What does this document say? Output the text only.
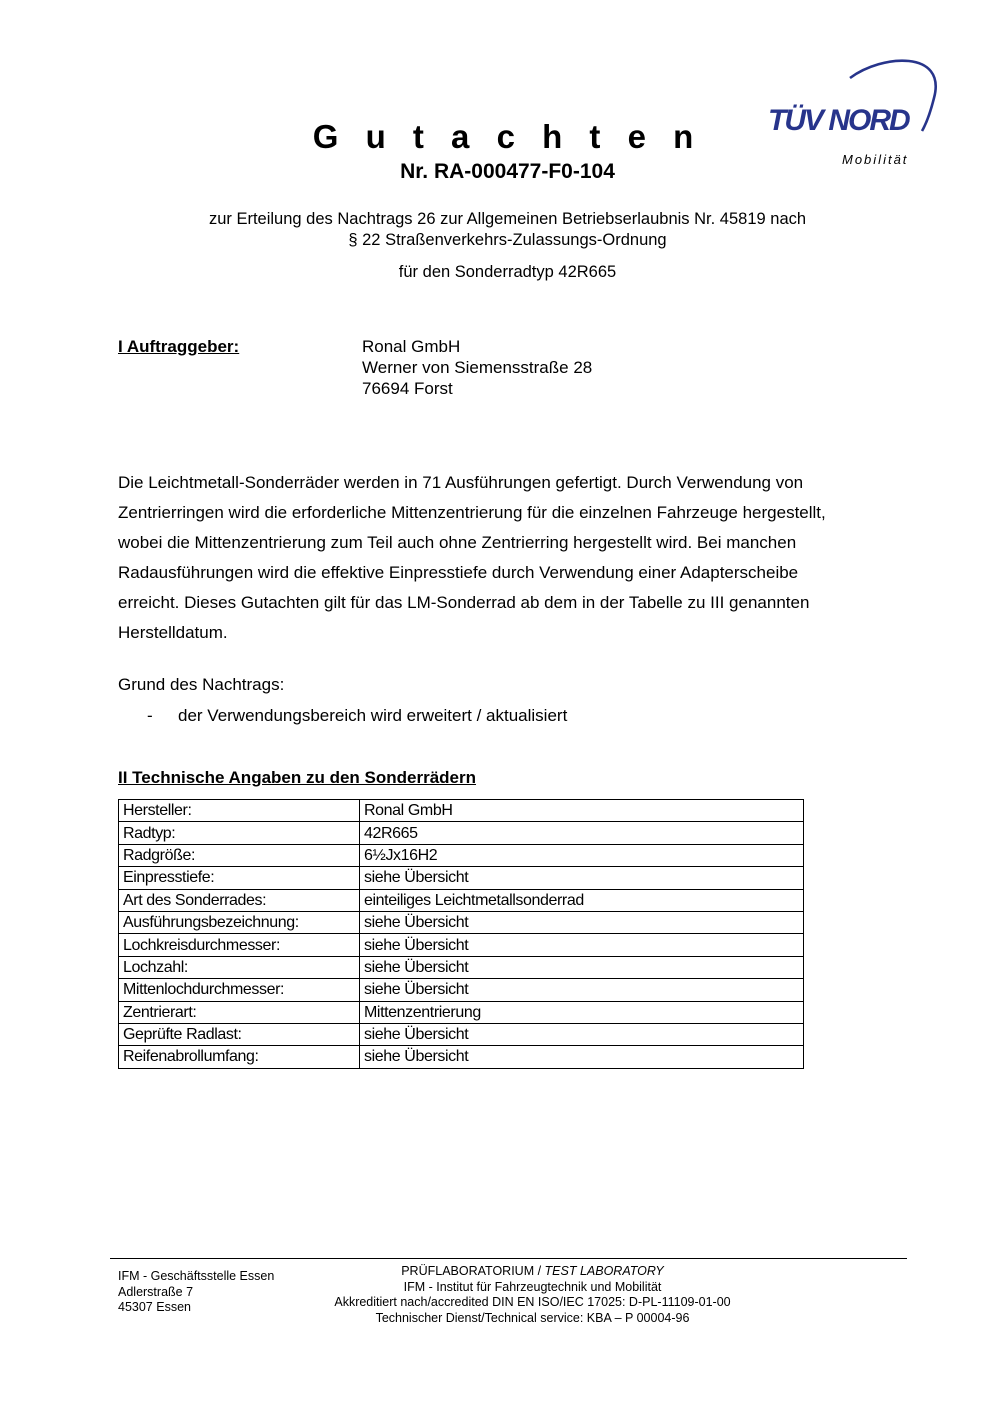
TÜV NORD
Mobilität
G u t a c h t e n
Nr. RA-000477-F0-104
zur Erteilung des Nachtrags 26 zur Allgemeinen Betriebserlaubnis Nr. 45819 nach
§ 22 Straßenverkehrs-Zulassungs-Ordnung
für den Sonderradtyp 42R665
I Auftraggeber:	Ronal GmbH
Werner von Siemensstraße 28
76694 Forst
Die Leichtmetall-Sonderräder werden in 71 Ausführungen gefertigt. Durch Verwendung von
Zentrierringen wird die erforderliche Mittenzentrierung für die einzelnen Fahrzeuge hergestellt,
wobei die Mittenzentrierung zum Teil auch ohne Zentrierring hergestellt wird. Bei manchen
Radausführungen wird die effektive Einpresstiefe durch Verwendung einer Adapterscheibe
erreicht. Dieses Gutachten gilt für das LM-Sonderrad ab dem in der Tabelle zu III genannten
Herstelldatum.
Grund des Nachtrags:
- der Verwendungsbereich wird erweitert / aktualisiert
II Technische Angaben zu den Sonderrädern
Hersteller:	Ronal GmbH
Radtyp:	42R665
Radgröße:	6½Jx16H2
Einpresstiefe:	siehe Übersicht
Art des Sonderrades:	einteiliges Leichtmetallsonderrad
Ausführungsbezeichnung:	siehe Übersicht
Lochkreisdurchmesser:	siehe Übersicht
Lochzahl:	siehe Übersicht
Mittenlochdurchmesser:	siehe Übersicht
Zentrierart:	Mittenzentrierung
Geprüfte Radlast:	siehe Übersicht
Reifenabrollumfang:	siehe Übersicht
IFM - Geschäftsstelle Essen
Adlerstraße 7
45307 Essen
PRÜFLABORATORIUM / TEST LABORATORY
IFM - Institut für Fahrzeugtechnik und Mobilität
Akkreditiert nach/accredited DIN EN ISO/IEC 17025: D-PL-11109-01-00
Technischer Dienst/Technical service: KBA – P 00004-96
